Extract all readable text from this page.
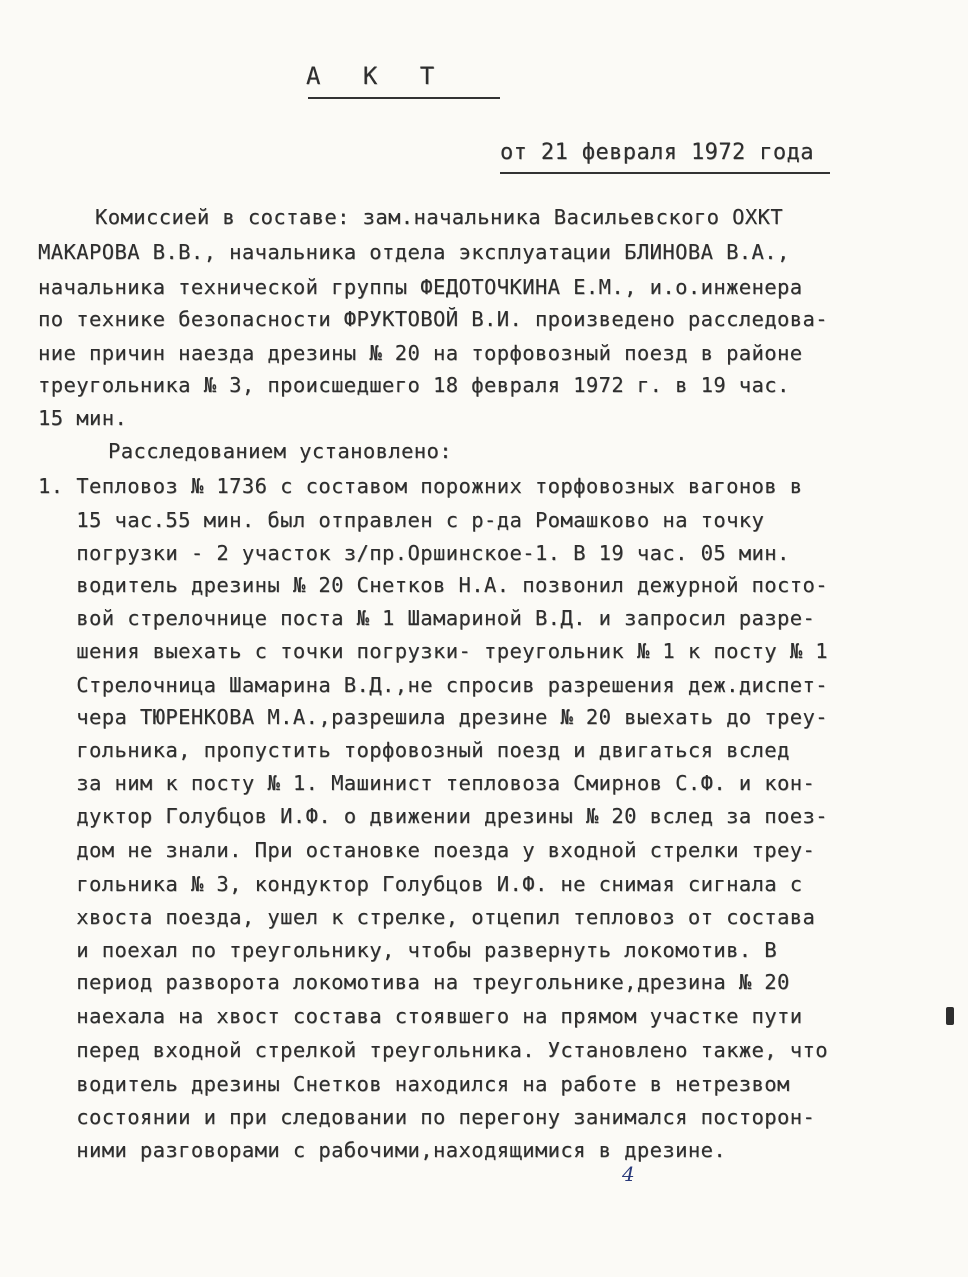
А К Т
от 21 февраля 1972 года
Комиссией в составе: зам.начальника Васильевского ОХКТ
МАКАРОВА В.В., начальника отдела эксплуатации БЛИНОВА В.А.,
начальника технической группы ФЕДОТОЧКИНА Е.М., и.о.инженера
по технике безопасности ФРУКТОВОЙ В.И. произведено расследова-
ние причин наезда дрезины № 20 на торфовозный поезд в районе
треугольника № 3, происшедшего 18 февраля 1972 г. в 19 час.
15 мин.
Расследованием установлено:
1. Тепловоз № 1736 с составом порожних торфовозных вагонов в
15 час.55 мин. был отправлен с р-да Ромашково на точку
погрузки - 2 участок з/пр.Оршинское-1. В 19 час. 05 мин.
водитель дрезины № 20 Снетков Н.А. позвонил дежурной посто-
вой стрелочнице поста № 1 Шамариной В.Д. и запросил разре-
шения выехать с точки погрузки- треугольник № 1 к посту № 1
Стрелочница Шамарина В.Д.,не спросив разрешения деж.диспет-
чера ТЮРЕНКОВА М.А.,разрешила дрезине № 20 выехать до треу-
гольника, пропустить торфовозный поезд и двигаться вслед
за ним к посту № 1. Машинист тепловоза Смирнов С.Ф. и кон-
дуктор Голубцов И.Ф. о движении дрезины № 20 вслед за поез-
дом не знали. При остановке поезда у входной стрелки треу-
гольника № 3, кондуктор Голубцов И.Ф. не снимая сигнала с
хвоста поезда, ушел к стрелке, отцепил тепловоз от состава
и поехал по треугольнику, чтобы развернуть локомотив. В
период разворота локомотива на треугольнике,дрезина № 20
наехала на хвост состава стоявшего на прямом участке пути
перед входной стрелкой треугольника. Установлено также, что
водитель дрезины Снетков находился на работе в нетрезвом
состоянии и при следовании по перегону занимался посторон-
ними разговорами с рабочими,находящимися в дрезине.
4
